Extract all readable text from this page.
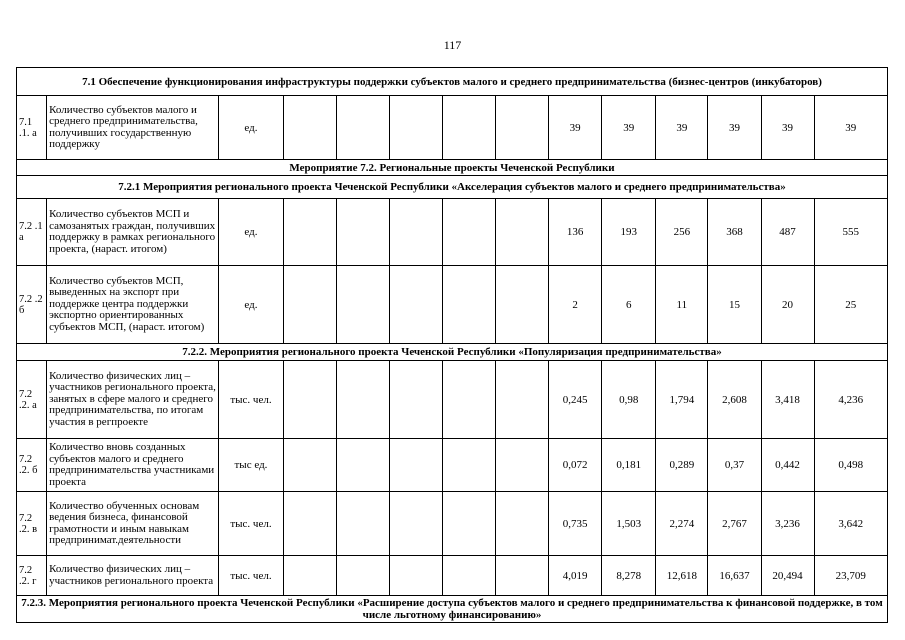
117
7.1 Обеспечение функционирования инфраструктуры поддержки субъектов малого и среднего предпринимательства (бизнес-центров (инкубаторов)													
7.1 .1. а	Количество субъектов малого и среднего предпринимательства, получивших государственную поддержку	ед.						39	39	39	39	39	39
Мероприятие 7.2. Региональные проекты Чеченской Республики													
7.2.1 Мероприятия регионального проекта Чеченской Республики «Акселерация субъектов малого и среднего предпринимательства»													
7.2 .1 а	Количество субъектов МСП и самозанятых граждан, получивших поддержку в рамках регионального проекта, (нараст. итогом)	ед.						136	193	256	368	487	555
7.2 .2 б	Количество субъектов МСП, выведенных на экспорт при поддержке центра поддержки экспортно ориентированных субъектов МСП, (нараст. итогом)	ед.						2	6	11	15	20	25
7.2.2. Мероприятия регионального проекта Чеченской Республики «Популяризация предпринимательства»													
7.2 .2. а	Количество физических лиц – участников регионального проекта, занятых в сфере малого и среднего предпринимательства, по итогам участия в регпроекте	тыс. чел.						0,245	0,98	1,794	2,608	3,418	4,236
7.2 .2. б	Количество вновь созданных субъектов малого и среднего предпринимательства участниками проекта	тыс ед.						0,072	0,181	0,289	0,37	0,442	0,498
7.2 .2. в	Количество обученных основам ведения бизнеса, финансовой грамотности и иным навыкам предпринимат.деятельности	тыс. чел.						0,735	1,503	2,274	2,767	3,236	3,642
7.2 .2. г	Количество физических лиц – участников регионального проекта	тыс. чел.						4,019	8,278	12,618	16,637	20,494	23,709
7.2.3. Мероприятия регионального проекта Чеченской Республики «Расширение доступа субъектов малого и среднего предпринимательства к финансовой поддержке, в том числе льготному финансированию»													
